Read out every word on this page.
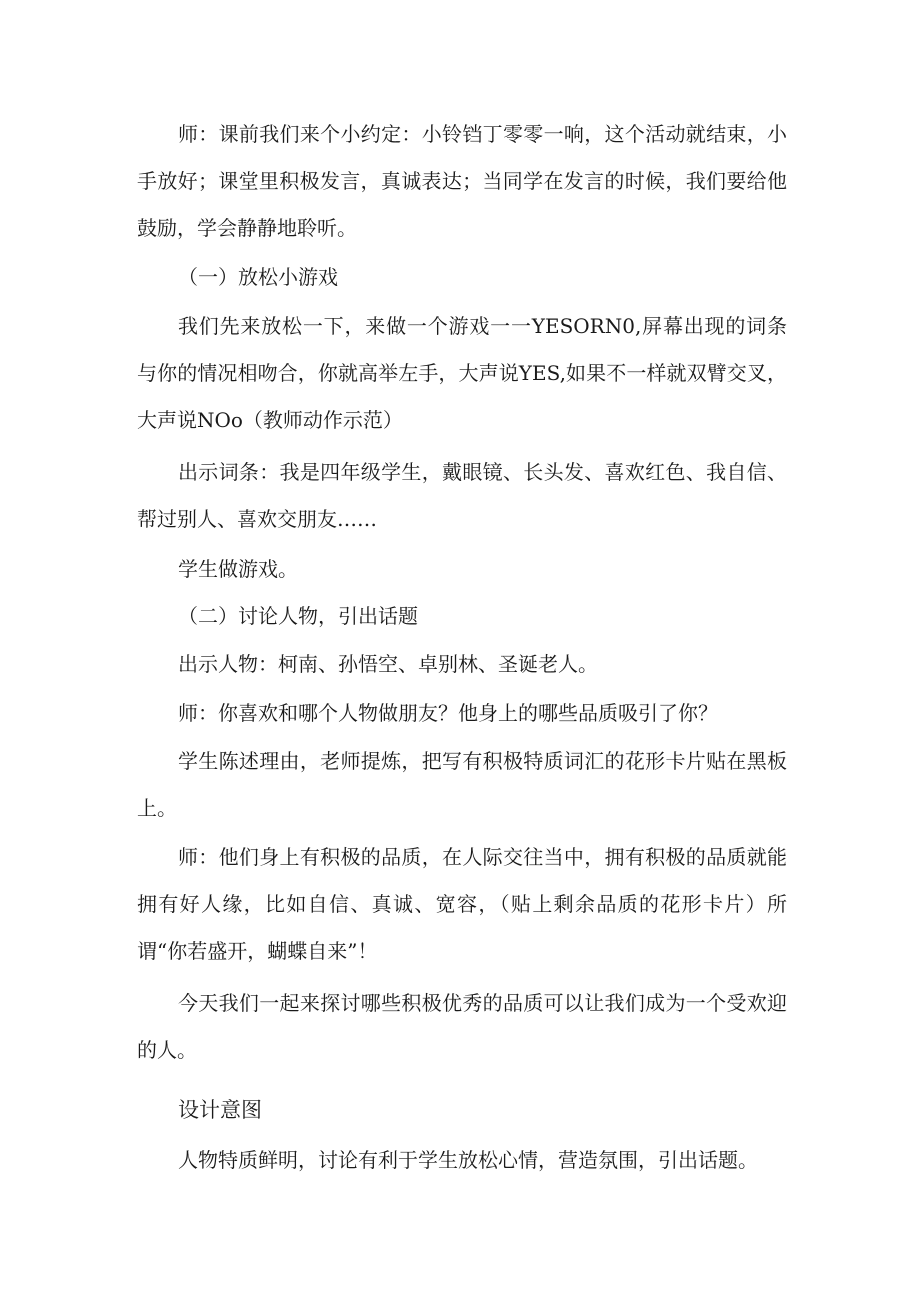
师：课前我们来个小约定：小铃铛丁零零一响，这个活动就结束，小手放好；课堂里积极发言，真诚表达；当同学在发言的时候，我们要给他鼓励，学会静静地聆听。

（一）放松小游戏

我们先来放松一下，来做一个游戏一一YESORN0,屏幕出现的词条与你的情况相吻合，你就高举左手，大声说YES,如果不一样就双臂交叉，大声说NOo（教师动作示范）

出示词条：我是四年级学生，戴眼镜、长头发、喜欢红色、我自信、帮过别人、喜欢交朋友……

学生做游戏。

（二）讨论人物，引出话题

出示人物：柯南、孙悟空、卓别林、圣诞老人。

师：你喜欢和哪个人物做朋友？他身上的哪些品质吸引了你？

学生陈述理由，老师提炼，把写有积极特质词汇的花形卡片贴在黑板上。

师：他们身上有积极的品质，在人际交往当中，拥有积极的品质就能拥有好人缘，比如自信、真诚、宽容，（贴上剩余品质的花形卡片）所谓“你若盛开，蝴蝶自来”！

今天我们一起来探讨哪些积极优秀的品质可以让我们成为一个受欢迎的人。

设计意图

人物特质鲜明，讨论有利于学生放松心情，营造氛围，引出话题。
